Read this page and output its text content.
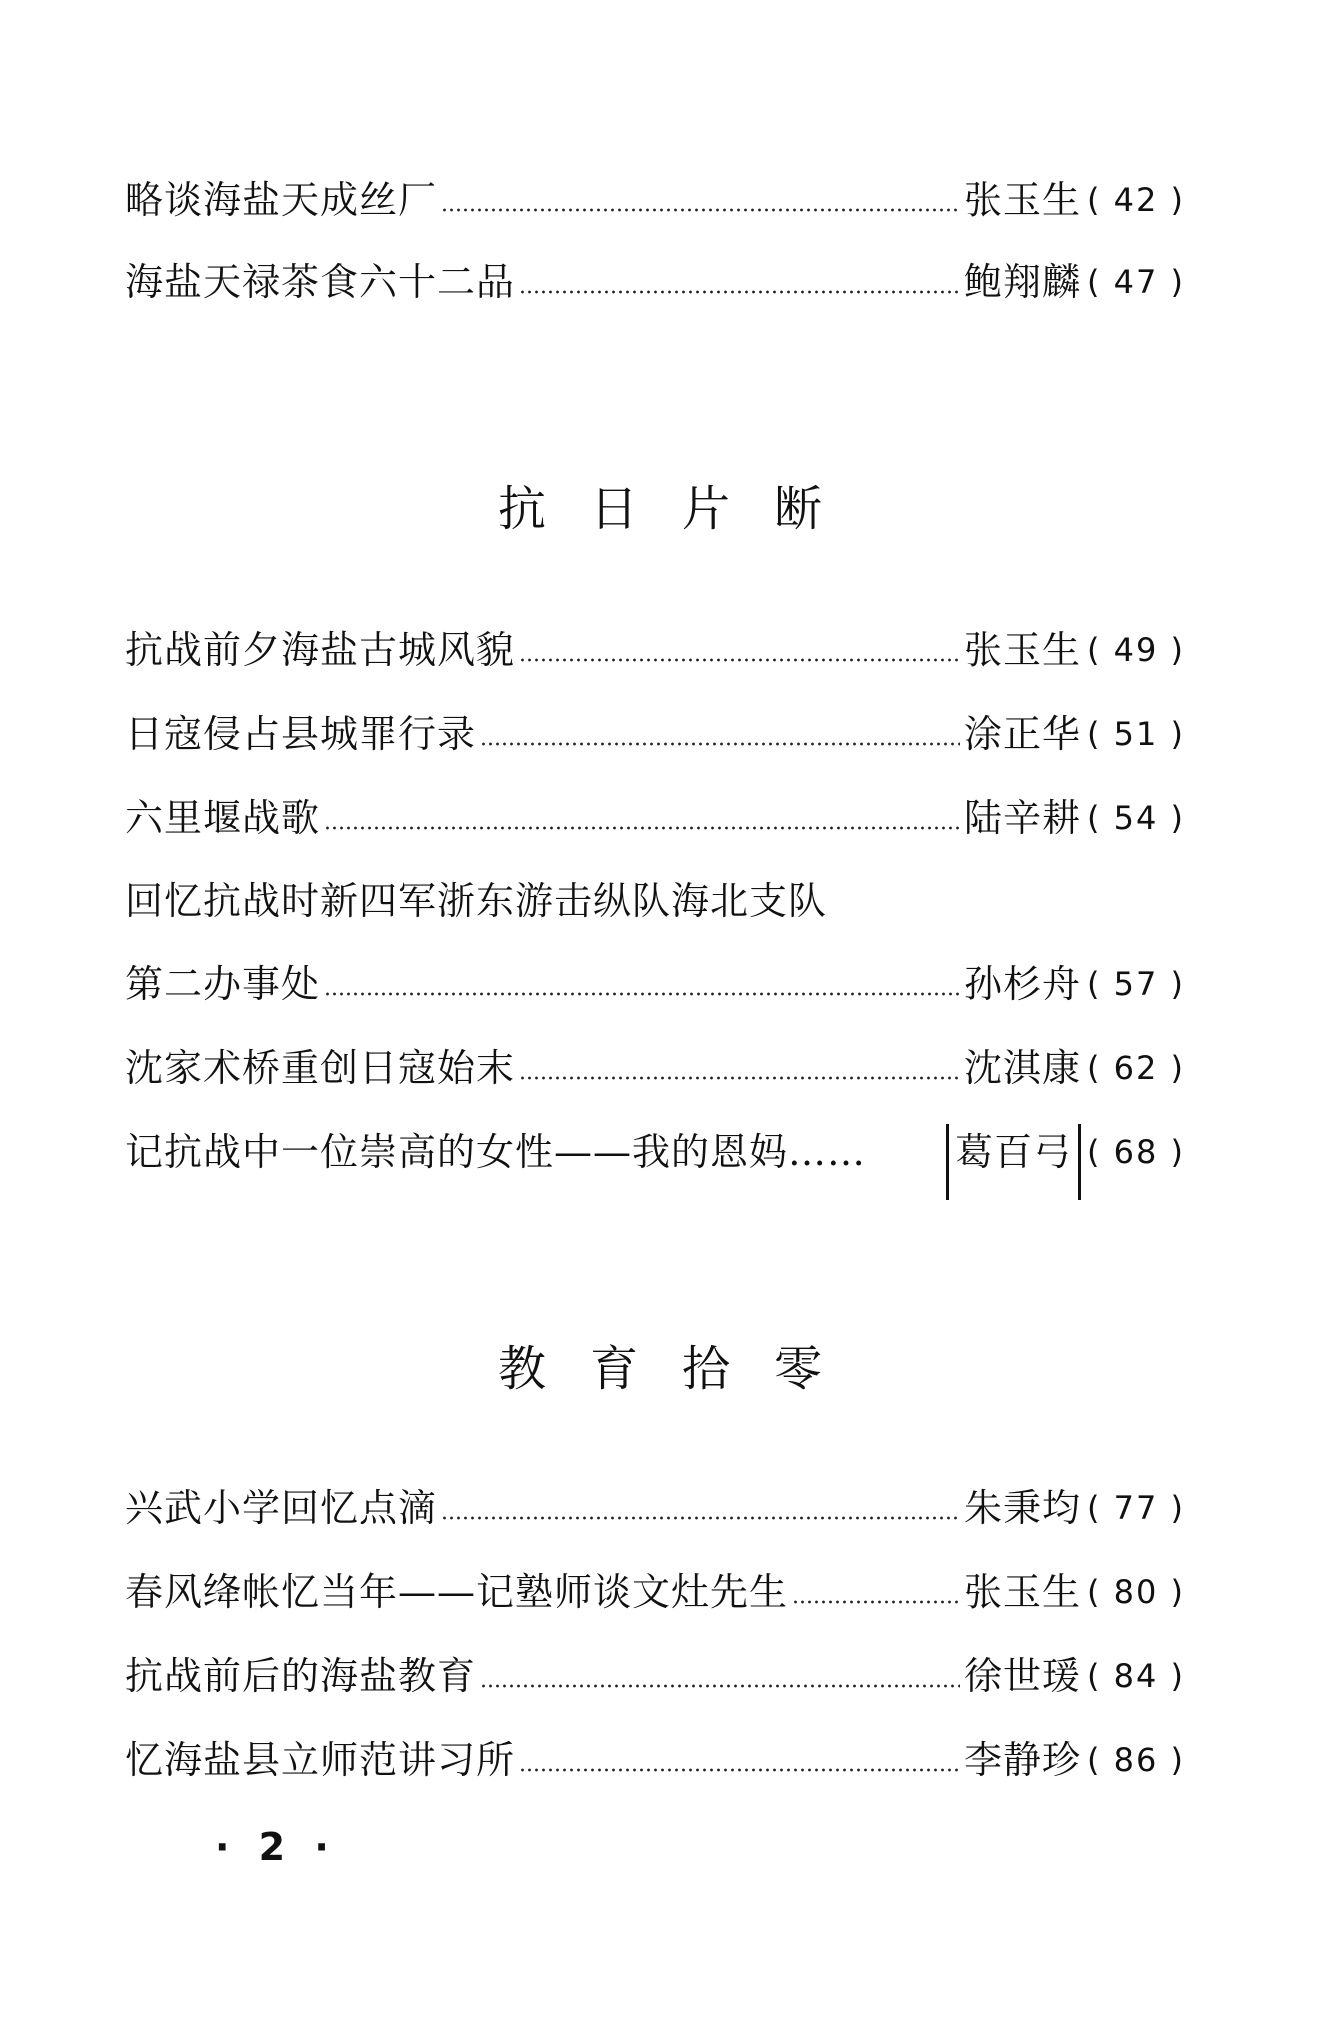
略谈海盐天成丝厂	张玉生 ( 42 )
海盐天禄茶食六十二品	鲍翔麟 ( 47 )
抗日片断
抗战前夕海盐古城风貌	张玉生 ( 49 )
日寇侵占县城罪行录	涂正华 ( 51 )
六里堰战歌	陆辛耕 ( 54 )
回忆抗战时新四军浙东游击纵队海北支队
第二办事处	孙杉舟 ( 57 )
沈家术桥重创日寇始末	沈淇康 ( 62 )
记抗战中一位崇高的女性——我的恩妈……	葛百弓 ( 68 )
教育拾零
兴武小学回忆点滴	朱秉均 ( 77 )
春风绛帐忆当年——记塾师谈文灶先生	张玉生 ( 80 )
抗战前后的海盐教育	徐世瑗 ( 84 )
忆海盐县立师范讲习所	李静珍 ( 86 )
· 2 ·
